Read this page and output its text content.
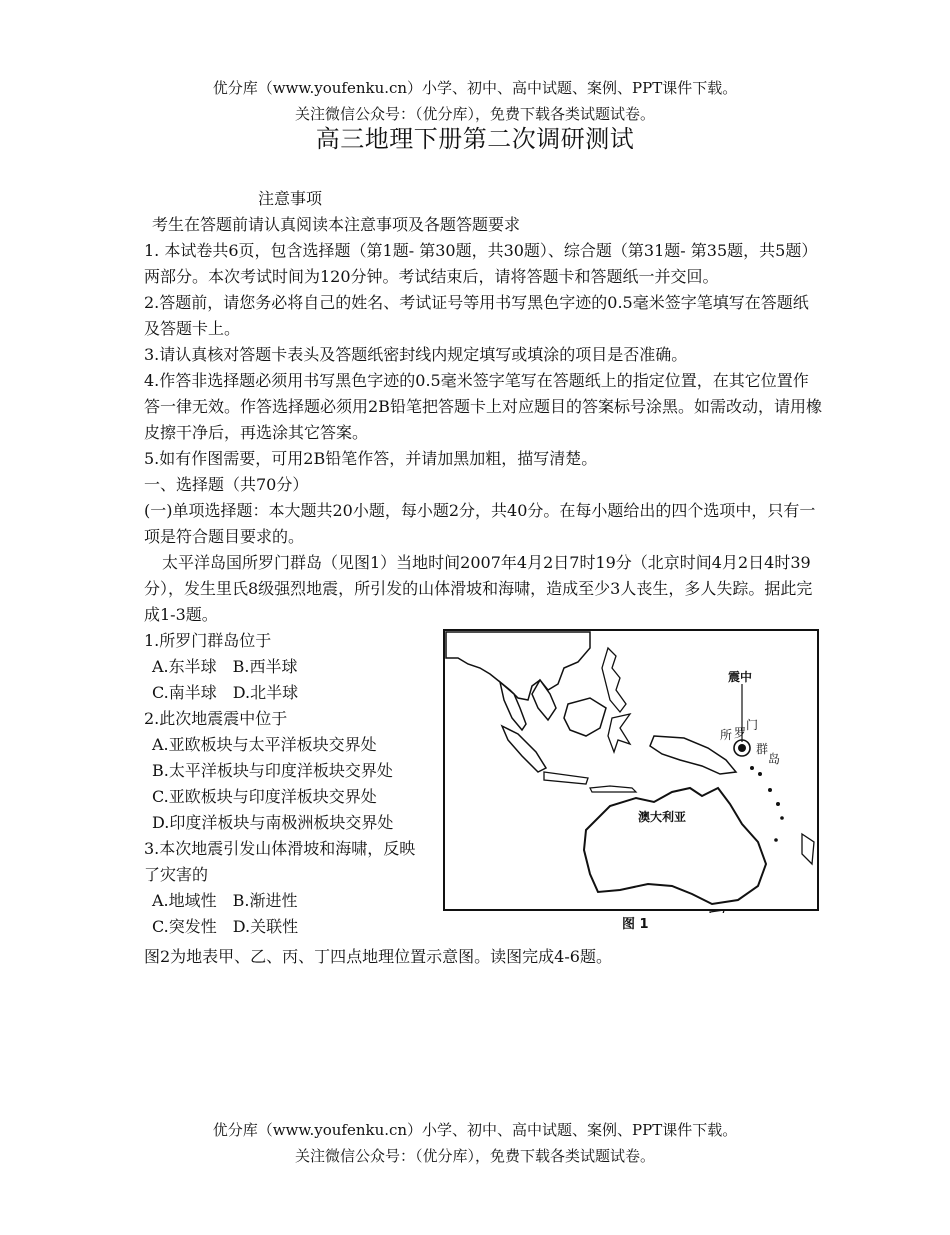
优分库（www.youfenku.cn）小学、初中、高中试题、案例、PPT课件下载。
关注微信公众号：（优分库），免费下载各类试题试卷。
高三地理下册第二次调研测试
注意事项
考生在答题前请认真阅读本注意事项及各题答题要求
1. 本试卷共6页，包含选择题（第1题- 第30题，共30题）、综合题（第31题- 第35题，共5题）两部分。本次考试时间为120分钟。考试结束后，请将答题卡和答题纸一并交回。
2.答题前，请您务必将自己的姓名、考试证号等用书写黑色字迹的0.5毫米签字笔填写在答题纸及答题卡上。
3.请认真核对答题卡表头及答题纸密封线内规定填写或填涂的项目是否准确。
4.作答非选择题必须用书写黑色字迹的0.5毫米签字笔写在答题纸上的指定位置，在其它位置作答一律无效。作答选择题必须用2B铅笔把答题卡上对应题目的答案标号涂黑。如需改动，请用橡皮擦干净后，再选涂其它答案。
5.如有作图需要，可用2B铅笔作答，并请加黑加粗，描写清楚。
一、选择题（共70分）
(一)单项选择题：本大题共20小题，每小题2分，共40分。在每小题给出的四个选项中，只有一项是符合题目要求的。
太平洋岛国所罗门群岛（见图1）当地时间2007年4月2日7时19分（北京时间4月2日4时39分），发生里氏8级强烈地震，所引发的山体滑坡和海啸，造成至少3人丧生，多人失踪。据此完成1-3题。
1.所罗门群岛位于
A.东半球　B.西半球
C.南半球　D.北半球
2.此次地震震中位于
A.亚欧板块与太平洋板块交界处
B.太平洋板块与印度洋板块交界处
C.亚欧板块与印度洋板块交界处
D.印度洋板块与南极洲板块交界处
3.本次地震引发山体滑坡和海啸，反映了灾害的
A.地域性　B.渐进性
C.突发性　D.关联性
震中
所 罗
门
群
岛
澳大利亚
图 1
图2为地表甲、乙、丙、丁四点地理位置示意图。读图完成4-6题。
优分库（www.youfenku.cn）小学、初中、高中试题、案例、PPT课件下载。
关注微信公众号：（优分库），免费下载各类试题试卷。
